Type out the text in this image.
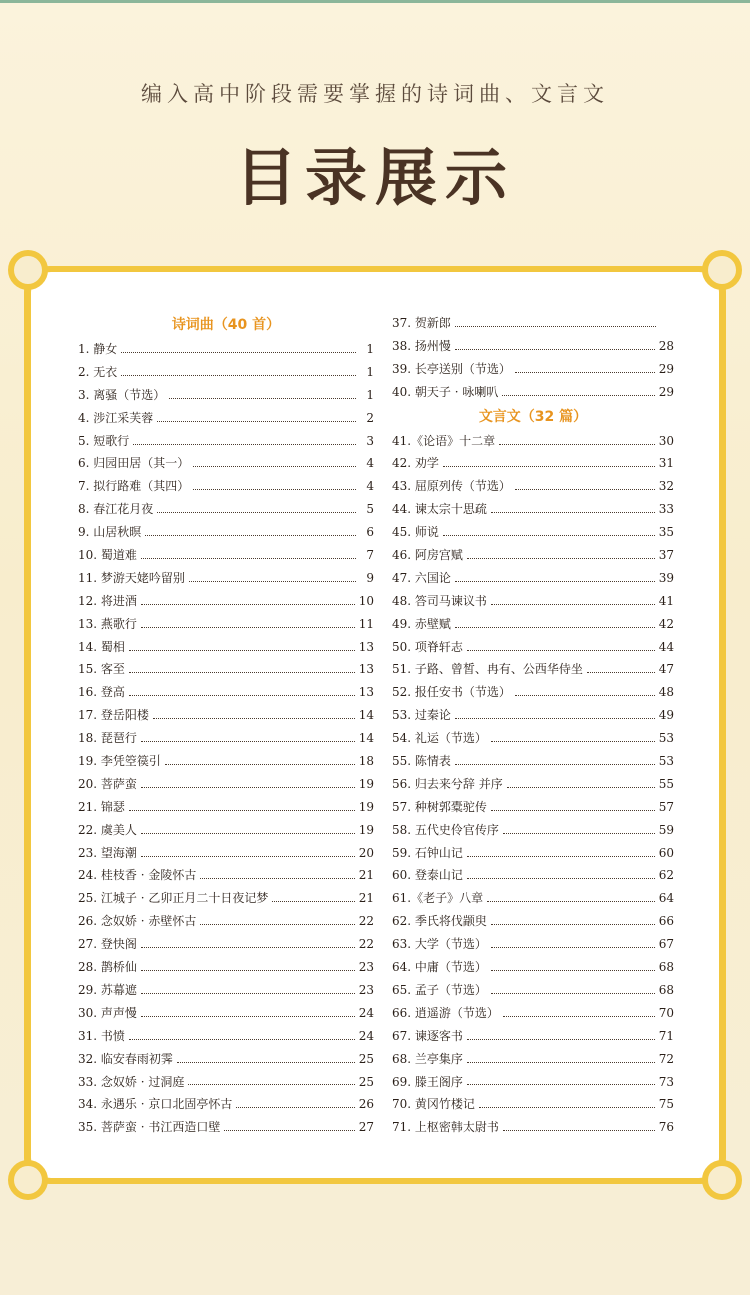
编入高中阶段需要掌握的诗词曲、文言文
目录展示
诗词曲（40 首）
1. 静女	1
2. 无衣	1
3. 离骚（节选）	1
4. 涉江采芙蓉	2
5. 短歌行	3
6. 归园田居（其一）	4
7. 拟行路难（其四）	4
8. 春江花月夜	5
9. 山居秋暝	6
10. 蜀道难	7
11. 梦游天姥吟留别	9
12. 将进酒	10
13. 燕歌行	11
14. 蜀相	13
15. 客至	13
16. 登高	13
17. 登岳阳楼	14
18. 琵琶行	14
19. 李凭箜篌引	18
20. 菩萨蛮	19
21. 锦瑟	19
22. 虞美人	19
23. 望海潮	20
24. 桂枝香 · 金陵怀古	21
25. 江城子 · 乙卯正月二十日夜记梦	21
26. 念奴娇 · 赤壁怀古	22
27. 登快阁	22
28. 鹊桥仙	23
29. 苏幕遮	23
30. 声声慢	24
31. 书愤	24
32. 临安春雨初霁	25
33. 念奴娇 · 过洞庭	25
34. 永遇乐 · 京口北固亭怀古	26
35. 菩萨蛮 · 书江西造口壁	27
37. 贺新郎
38. 扬州慢	28
39. 长亭送别（节选）	29
40. 朝天子 · 咏喇叭	29
文言文（32 篇）
41.《论语》十二章	30
42. 劝学	31
43. 屈原列传（节选）	32
44. 谏太宗十思疏	33
45. 师说	35
46. 阿房宫赋	37
47. 六国论	39
48. 答司马谏议书	41
49. 赤壁赋	42
50. 项脊轩志	44
51. 子路、曾皙、冉有、公西华侍坐	47
52. 报任安书（节选）	48
53. 过秦论	49
54. 礼运（节选）	53
55. 陈情表	53
56. 归去来兮辞 并序	55
57. 种树郭橐驼传	57
58. 五代史伶官传序	59
59. 石钟山记	60
60. 登泰山记	62
61.《老子》八章	64
62. 季氏将伐颛臾	66
63. 大学（节选）	67
64. 中庸（节选）	68
65. 孟子（节选）	68
66. 逍遥游（节选）	70
67. 谏逐客书	71
68. 兰亭集序	72
69. 滕王阁序	73
70. 黄冈竹楼记	75
71. 上枢密韩太尉书	76
